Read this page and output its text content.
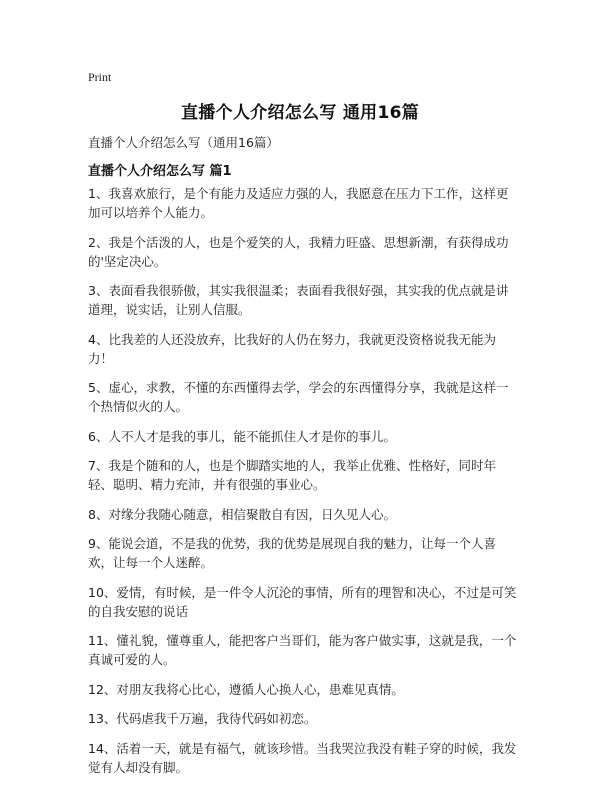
Print
直播个人介绍怎么写 通用16篇
直播个人介绍怎么写（通用16篇）
直播个人介绍怎么写 篇1

1、我喜欢旅行，是个有能力及适应力强的人，我愿意在压力下工作，这样更加可以培养个人能力。

2、我是个活泼的人，也是个爱笑的人，我精力旺盛、思想新潮，有获得成功的'坚定决心。

3、表面看我很骄傲，其实我很温柔；表面看我很好强，其实我的优点就是讲道理，说实话，让别人信服。

4、比我差的人还没放弃，比我好的人仍在努力，我就更没资格说我无能为力！

5、虚心，求教，不懂的东西懂得去学，学会的东西懂得分享，我就是这样一个热情似火的人。

6、人不人才是我的事儿，能不能抓住人才是你的事儿。

7、我是个随和的人，也是个脚踏实地的人，我举止优雅、性格好，同时年轻、聪明、精力充沛，并有很强的事业心。

8、对缘分我随心随意，相信聚散自有因，日久见人心。

9、能说会道，不是我的优势，我的优势是展现自我的魅力，让每一个人喜欢，让每一个人迷醉。

10、爱情，有时候，是一件令人沉沦的事情，所有的理智和决心，不过是可笑的自我安慰的说话

11、懂礼貌，懂尊重人，能把客户当哥们，能为客户做实事，这就是我，一个真诚可爱的人。

12、对朋友我将心比心，遵循人心换人心，患难见真情。

13、代码虐我千万遍，我待代码如初恋。

14、活着一天，就是有福气，就该珍惜。当我哭泣我没有鞋子穿的时候，我发觉有人却没有脚。
